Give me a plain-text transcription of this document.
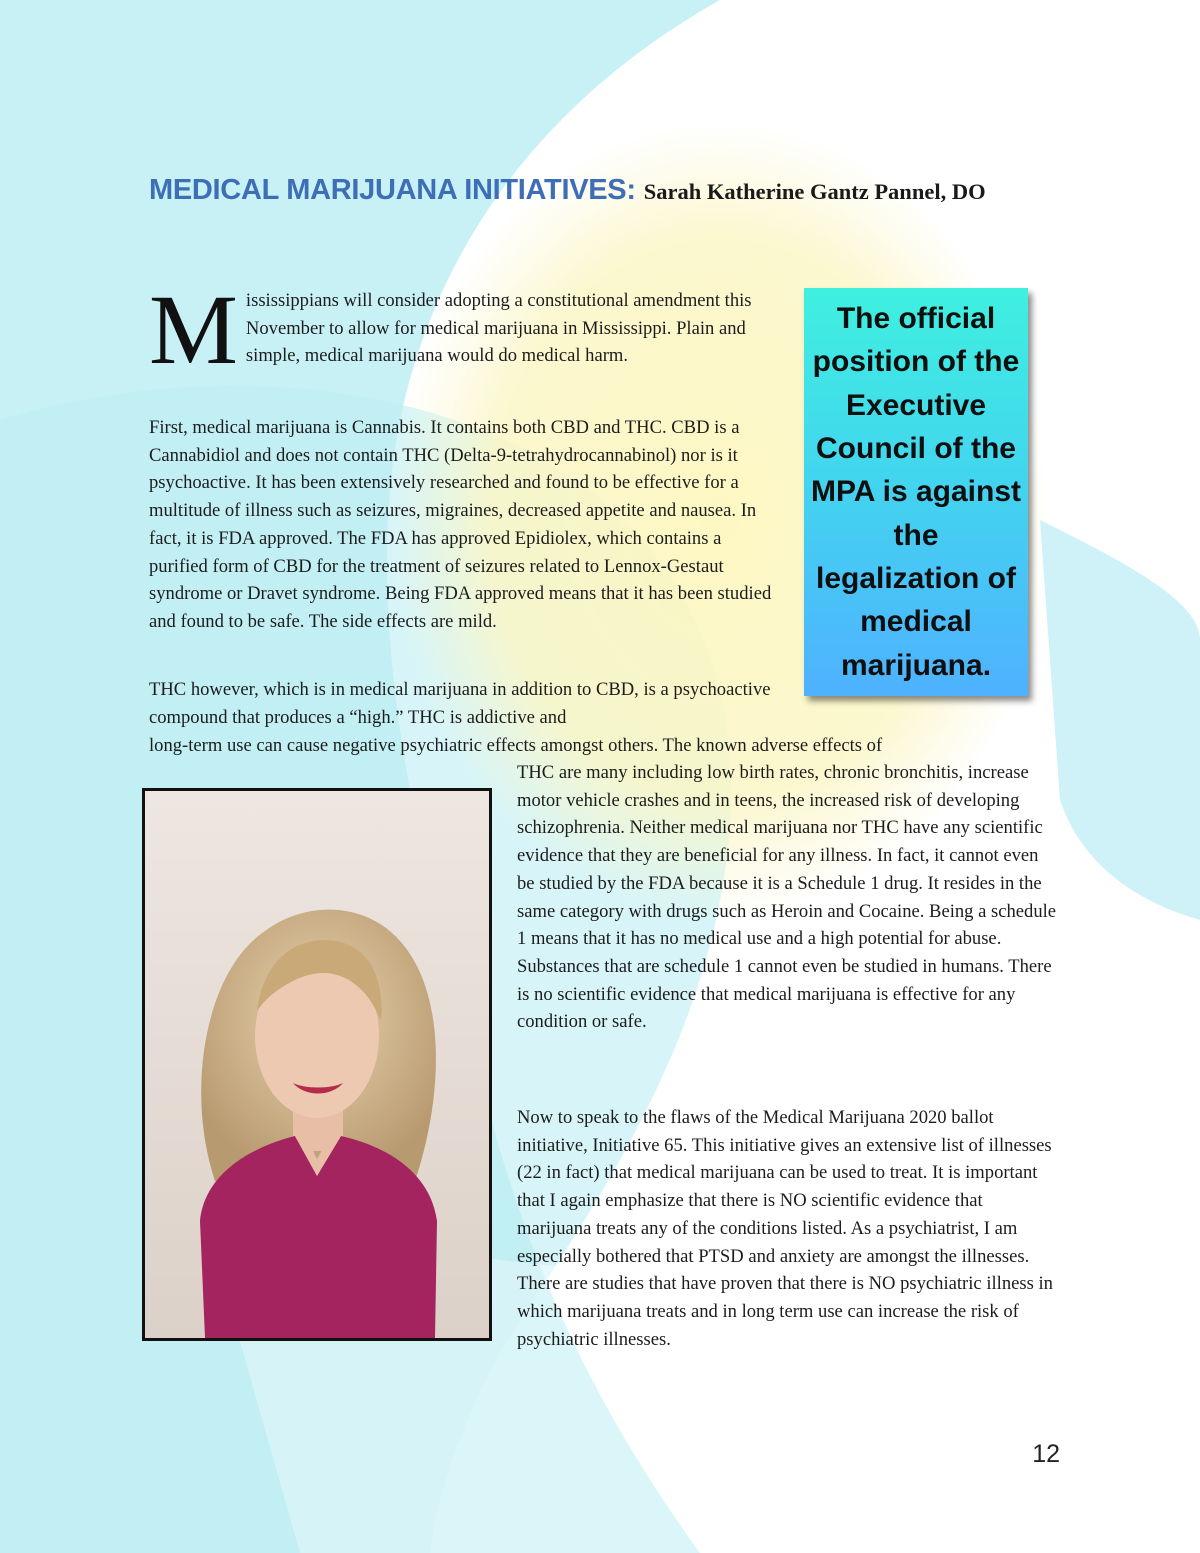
MEDICAL MARIJUANA INITIATIVES: Sarah Katherine Gantz Pannel, DO

Mississippians will consider adopting a constitutional amendment this November to allow for medical marijuana in Mississippi. Plain and simple, medical marijuana would do medical harm.

First, medical marijuana is Cannabis. It contains both CBD and THC. CBD is a Cannabidiol and does not contain THC (Delta-9-tetrahydrocannabinol) nor is it psychoactive. It has been extensively researched and found to be effective for a multitude of illness such as seizures, migraines, decreased appetite and nausea. In fact, it is FDA approved. The FDA has approved Epidiolex, which contains a purified form of CBD for the treatment of seizures related to Lennox-Gestaut syndrome or Dravet syndrome. Being FDA approved means that it has been studied and found to be safe. The side effects are mild.

THC however, which is in medical marijuana in addition to CBD, is a psychoactive compound that produces a “high.” THC is addictive and

long-term use can cause negative psychiatric effects amongst others. The known adverse effects of

THC are many including low birth rates, chronic bronchitis, increase motor vehicle crashes and in teens, the increased risk of developing schizophrenia. Neither medical marijuana nor THC have any scientific evidence that they are beneficial for any illness. In fact, it cannot even be studied by the FDA because it is a Schedule 1 drug. It resides in the same category with drugs such as Heroin and Cocaine. Being a schedule 1 means that it has no medical use and a high potential for abuse. Substances that are schedule 1 cannot even be studied in humans. There is no scientific evidence that medical marijuana is effective for any condition or safe.

Now to speak to the flaws of the Medical Marijuana 2020 ballot initiative, Initiative 65. This initiative gives an extensive list of illnesses (22 in fact) that medical marijuana can be used to treat. It is important that I again emphasize that there is NO scientific evidence that marijuana treats any of the conditions listed. As a psychiatrist, I am especially bothered that PTSD and anxiety are amongst the illnesses. There are studies that have proven that there is NO psychiatric illness in which marijuana treats and in long term use can increase the risk of psychiatric illnesses.

The official position of the Executive Council of the MPA is against the legalization of medical marijuana.
12
